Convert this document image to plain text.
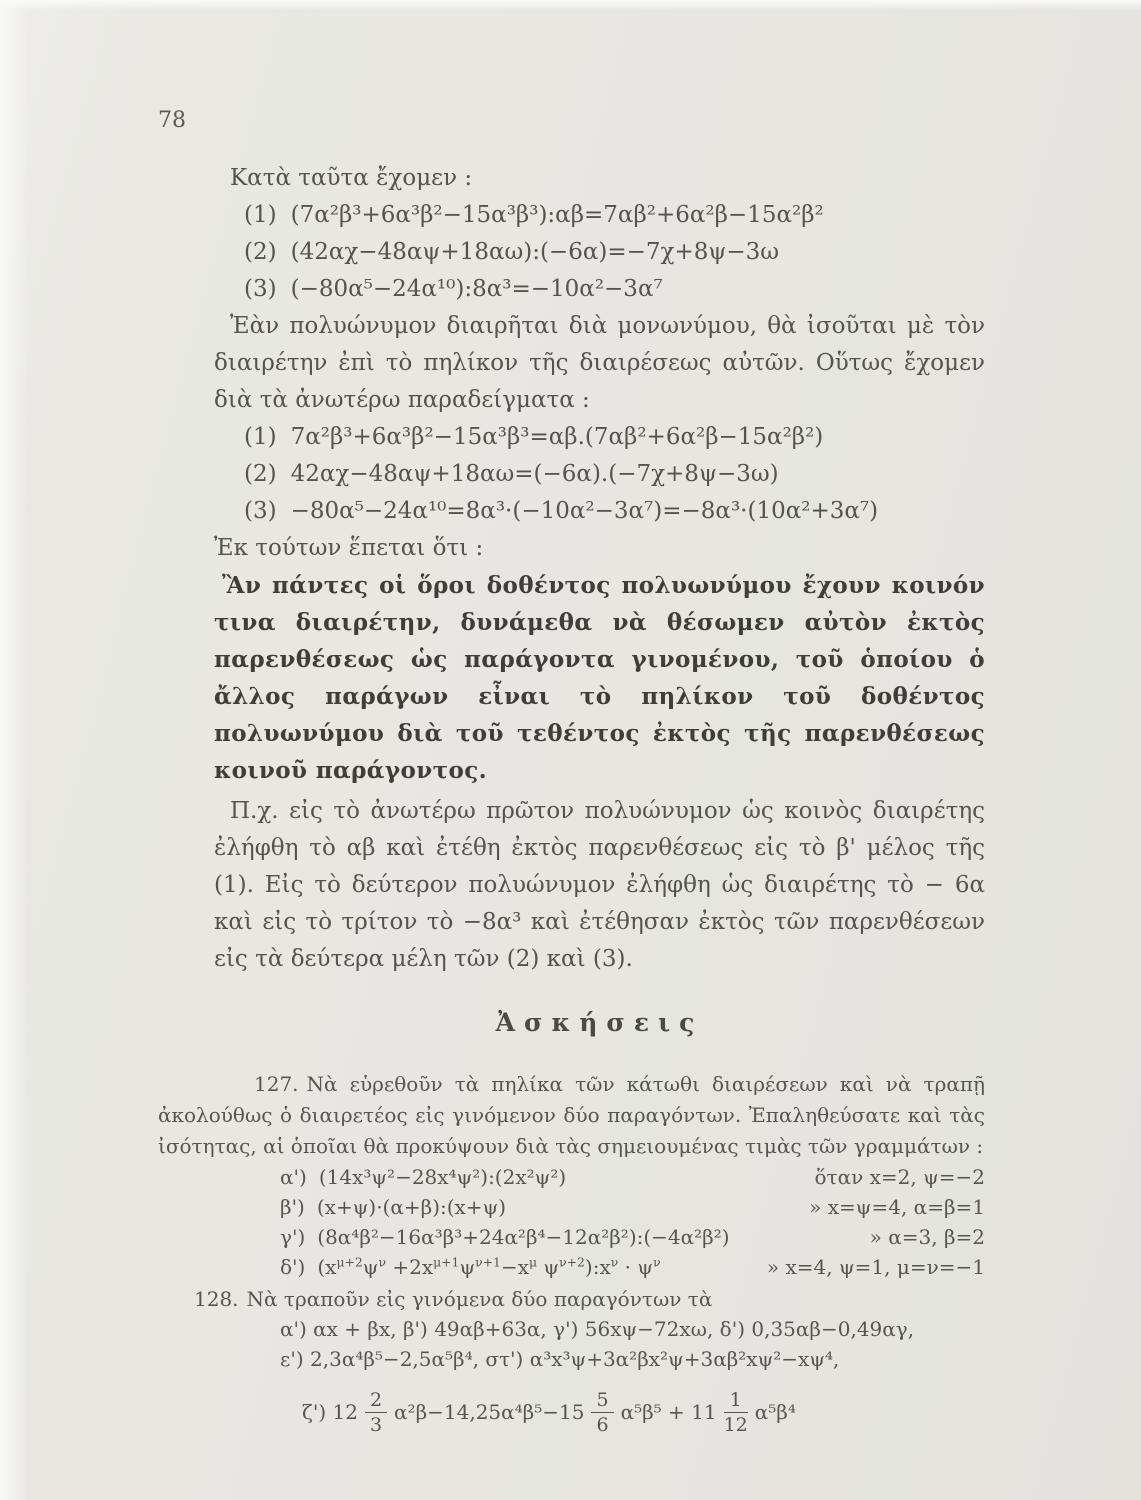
78

Κατὰ ταῦτα ἔχομεν :

(1) (7α²β³+6α³β²−15α³β³):αβ=7αβ²+6α²β−15α²β²
(2) (42αχ−48αψ+18αω):(−6α)=−7χ+8ψ−3ω
(3) (−80α⁵−24α¹⁰):8α³=−10α²−3α⁷

Ἐὰν πολυώνυμον διαιρῆται διὰ μονωνύμου, θὰ ἰσοῦται μὲ τὸν διαιρέτην ἐπὶ τὸ πηλίκον τῆς διαιρέσεως αὐτῶν. Οὕτως ἔχομεν διὰ τὰ ἀνωτέρω παραδείγματα :

(1) 7α²β³+6α³β²−15α³β³=αβ.(7αβ²+6α²β−15α²β²)
(2) 42αχ−48αψ+18αω=(−6α).(−7χ+8ψ−3ω)
(3) −80α⁵−24α¹⁰=8α³·(−10α²−3α⁷)=−8α³·(10α²+3α⁷)

Ἐκ τούτων ἕπεται ὅτι :

Ἂν πάντες οἱ ὅροι δοθέντος πολυωνύμου ἔχουν κοινόν τινα διαιρέτην, δυνάμεθα νὰ θέσωμεν αὐτὸν ἐκτὸς παρενθέσεως ὡς παράγοντα γινομένου, τοῦ ὁποίου ὁ ἄλλος παράγων εἶναι τὸ πηλίκον τοῦ δοθέντος πολυωνύμου διὰ τοῦ τεθέντος ἐκτὸς τῆς παρενθέσεως κοινοῦ παράγοντος.

Π.χ. εἰς τὸ ἀνωτέρω πρῶτον πολυώνυμον ὡς κοινὸς διαιρέτης ἐλήφθη τὸ αβ καὶ ἐτέθη ἐκτὸς παρενθέσεως εἰς τὸ β' μέλος τῆς (1). Εἰς τὸ δεύτερον πολυώνυμον ἐλήφθη ὡς διαιρέτης τὸ − 6α καὶ εἰς τὸ τρίτον τὸ −8α³ καὶ ἐτέθησαν ἐκτὸς τῶν παρενθέσεων εἰς τὰ δεύτερα μέλη τῶν (2) καὶ (3).

Ἀσκήσεις

127. Νὰ εὑρεθοῦν τὰ πηλίκα τῶν κάτωθι διαιρέσεων καὶ νὰ τραπῇ ἀκολούθως ὁ διαιρετέος εἰς γινόμενον δύο παραγόντων. Ἐπαληθεύσατε καὶ τὰς ἰσότητας, αἱ ὁποῖαι θὰ προκύψουν διὰ τὰς σημειουμένας τιμὰς τῶν γραμμάτων :

α') (14x³ψ²−28x⁴ψ²):(2x²ψ²)	ὅταν x=2, ψ=−2
β') (x+ψ)·(α+β):(x+ψ)	» x=ψ=4, α=β=1
γ') (8α⁴β²−16α³β³+24α²β⁴−12α²β²):(−4α²β²)	» α=3, β=2
δ') ($x^{\mu+2}\psi^\nu +2x^{\mu+1}\psi^{\nu+1}-x^\mu$ $\psi^{\nu+2}):x^\nu \cdot \psi^\nu$	» x=4, ψ=1, μ=ν=−1

128. Νὰ τραποῦν εἰς γινόμενα δύο παραγόντων τὰ

α') αx + βx, β') 49αβ+63α, γ') 56xψ−72xω, δ') 0,35αβ−0,49αγ,
ε') 2,3α⁴β⁵−2,5α⁵β⁴, στ') α³x³ψ+3α²βx²ψ+3αβ²xψ²−xψ⁴,
ζ') $12 \frac{2}{3} \alpha^2\beta-14,25\alpha^4\beta^5-15 \frac{5}{6} \alpha^5\beta^5 + 11 \frac{1}{12} \alpha^5\beta^4$
